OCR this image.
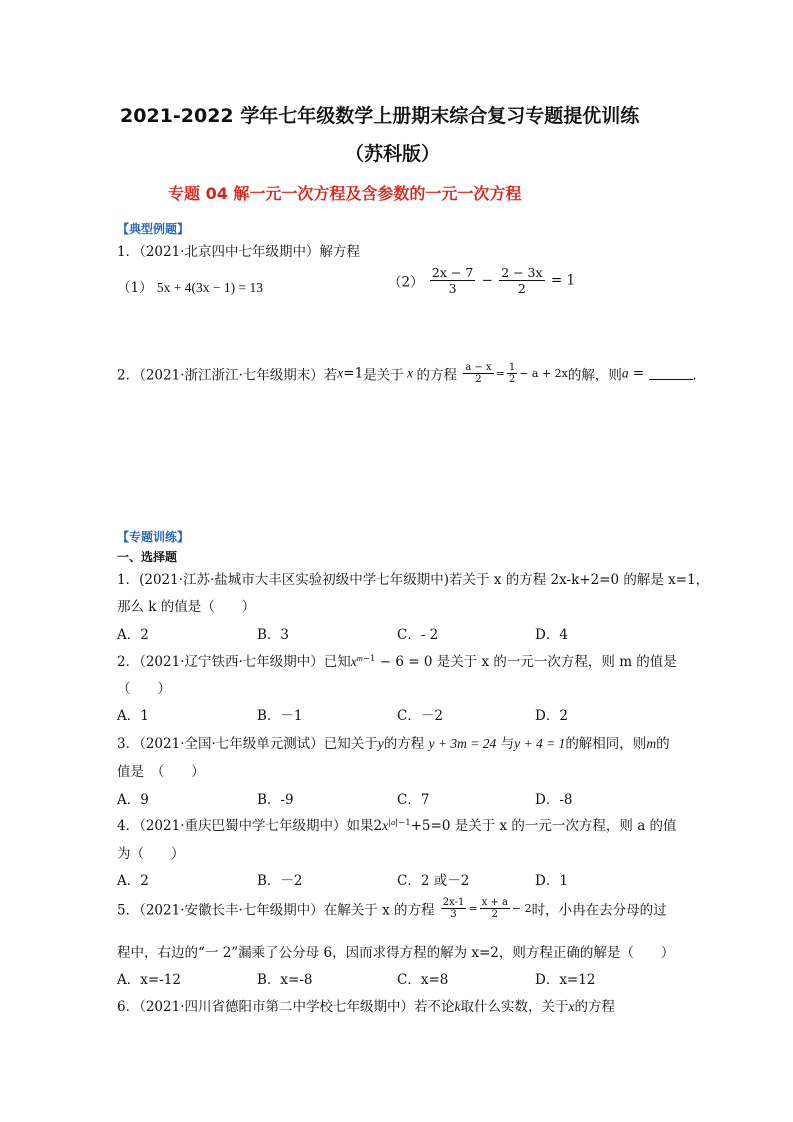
2021-2022 学年七年级数学上册期末综合复习专题提优训练
（苏科版）
专题 04 解一元一次方程及含参数的一元一次方程
【典型例题】
1．（2021·北京四中七年级期中）解方程
（1） 5x + 4(3x − 1) = 13	$(2) \frac{2x - 7}{3} - \frac{2 - 3x}{2} = 1$
2．（2021·浙江浙江·七年级期末）若x=1是关于 x 的方程 $\frac{a - x}{2} = \frac{1}{2} - a + 2x$的解，则a =	．
【专题训练】
一、选择题
1．(2021·江苏·盐城市大丰区实验初级中学七年级期中)若关于 x 的方程 2x-k+2=0 的解是 x=1，
那么 k 的值是（　　）
A．2	B．3	C．- 2	D．4
2．（2021·辽宁铁西·七年级期中）已知$x^{m-1} - 6 = 0$ 是关于 x 的一元一次方程，则 m 的值是
（　　）
A．1	B．－1	C．－2	D．2
3．（2021·全国·七年级单元测试）已知关于y的方程 y + 3m = 24 与y + 4 = 1的解相同，则m的
值是　（　　）
A．9	B．-9	C．7	D．-8
4．（2021·重庆巴蜀中学七年级期中）如果$2x^{|a|-1}+5=0$ 是关于 x 的一元一次方程，则 a 的值
为（　　）
A．2	B．－2	C．2 或－2	D．1
5．（2021·安徽长丰·七年级期中）在解关于 x 的方程 $\frac{2x-1}{3} = \frac{x + a}{2} - 2$时，小冉在去分母的过
程中，右边的“一 2”漏乘了公分母 6，因而求得方程的解为 x=2，则方程正确的解是（　　）
A．x=-12	B．x=-8	C．x=8	D．x=12
6．（2021·四川省德阳市第二中学校七年级期中）若不论k取什么实数，关于x的方程
